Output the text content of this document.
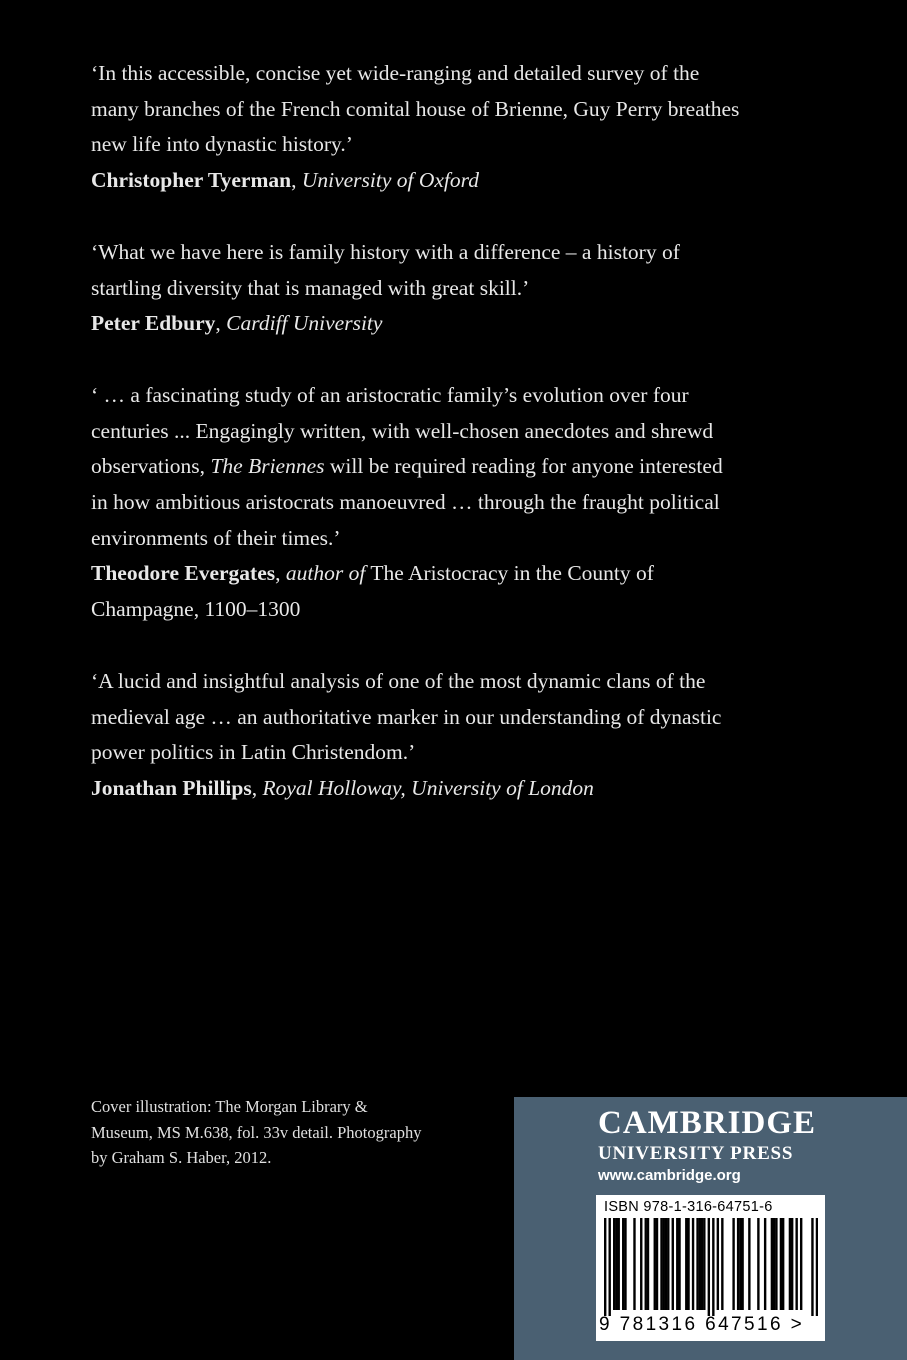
‘In this accessible, concise yet wide-ranging and detailed survey of the

many branches of the French comital house of Brienne, Guy Perry breathes

new life into dynastic history.’

Christopher Tyerman, University of Oxford

‘What we have here is family history with a difference – a history of

startling diversity that is managed with great skill.’

Peter Edbury, Cardiff University

‘ … a fascinating study of an aristocratic family’s evolution over four

centuries ... Engagingly written, with well-chosen anecdotes and shrewd

observations, The Briennes will be required reading for anyone interested

in how ambitious aristocrats manoeuvred … through the fraught political

environments of their times.’

Theodore Evergates, author of The Aristocracy in the County of

Champagne, 1100–1300

‘A lucid and insightful analysis of one of the most dynamic clans of the

medieval age … an authoritative marker in our understanding of dynastic

power politics in Latin Christendom.’

Jonathan Phillips, Royal Holloway, University of London

Cover illustration: The Morgan Library &
Museum, MS M.638, fol. 33v detail. Photography
by Graham S. Haber, 2012.

CAMBRIDGE

UNIVERSITY PRESS

www.cambridge.org

ISBN 978-1-316-64751-6

9 781316 647516 >
